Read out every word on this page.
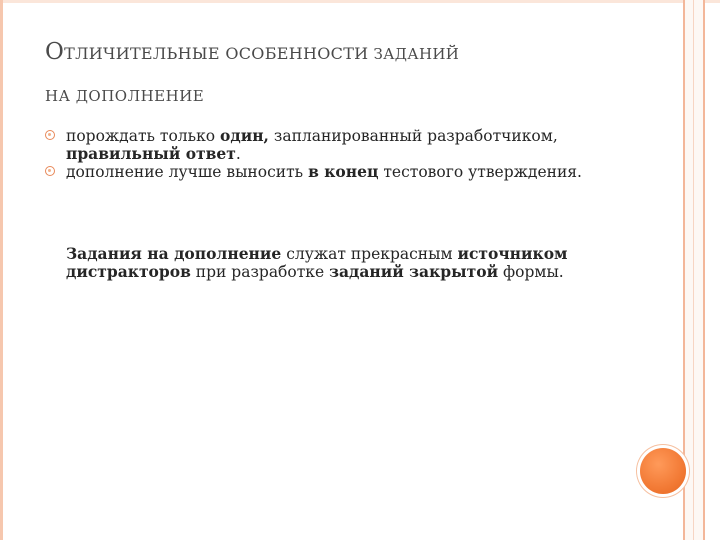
ОТЛИЧИТЕЛЬНЫЕ ОСОБЕННОСТИ ЗАДАНИЙ
НА ДОПОЛНЕНИЕ
порождать только один, запланированный разработчиком, правильный ответ.
дополнение лучше выносить в конец тестового утверждения.
Задания на дополнение служат прекрасным источником дистракторов при разработке заданий закрытой формы.
